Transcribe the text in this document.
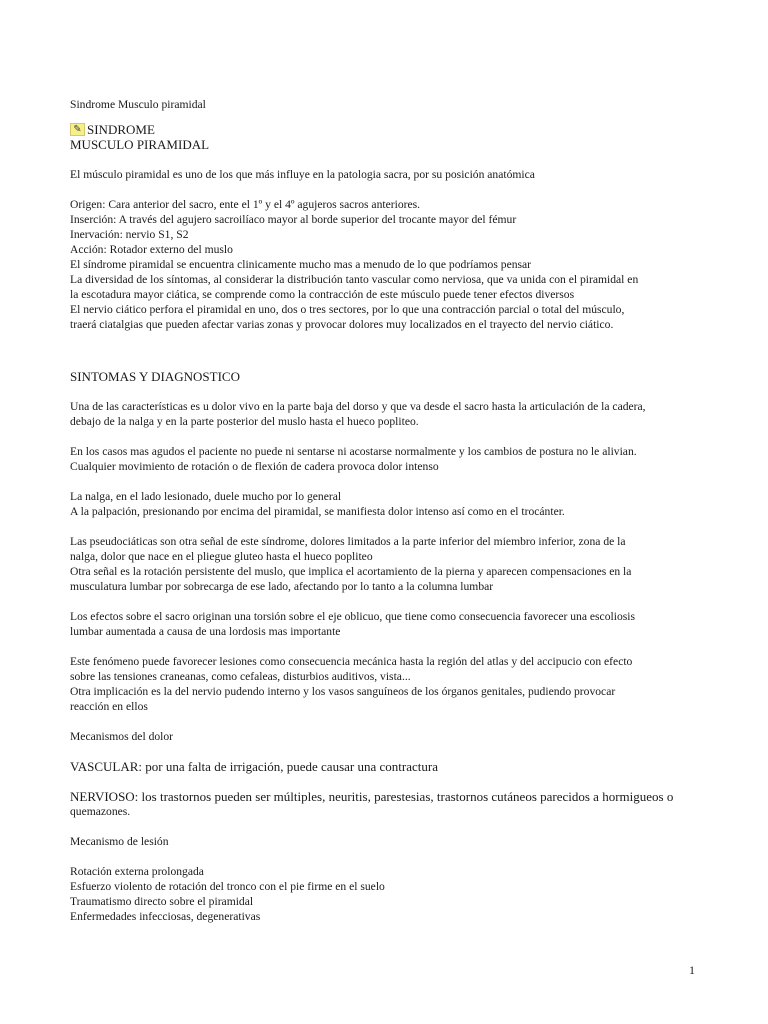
Sindrome Musculo piramidal
✎ SINDROME
MUSCULO PIRAMIDAL
El músculo piramidal es uno de los que más influye en la patologia sacra, por su posición anatómica
Origen: Cara anterior del sacro, ente el 1º y el 4º agujeros sacros anteriores.
Inserción: A través del agujero sacroilíaco mayor al borde superior del trocante mayor del fémur
Inervación: nervio S1, S2
Acción: Rotador externo del muslo
El síndrome piramidal se encuentra clinicamente mucho mas a menudo de lo que podríamos pensar
La diversidad de los síntomas, al considerar la distribución tanto vascular como nerviosa, que va unida con el piramidal en
la escotadura mayor ciática, se comprende como la contracción de este músculo puede tener efectos diversos
El nervio ciático perfora el piramidal en uno, dos o tres sectores, por lo que una contracción parcial o total del músculo,
traerá ciatalgias que pueden afectar varias zonas y provocar dolores muy localizados en el trayecto del nervio ciático.
SINTOMAS Y DIAGNOSTICO
Una de las características es u dolor vivo en la parte baja del dorso y que va desde el sacro hasta la articulación de la cadera,
debajo de la nalga y en la parte posterior del muslo hasta el hueco popliteo.
En los casos mas agudos el paciente no puede ni sentarse ni acostarse normalmente y los cambios de postura no le alivian.
Cualquier movimiento de rotación o de flexión de cadera provoca dolor intenso
La nalga, en el lado lesionado, duele mucho por lo general
A la palpación, presionando por encima del piramidal, se manifiesta dolor intenso así como en el trocánter.
Las pseudociáticas son otra señal de este síndrome, dolores limitados a la parte inferior del miembro inferior, zona de la
nalga, dolor que nace en el pliegue gluteo hasta el hueco popliteo
Otra señal es la rotación persistente del muslo, que implica el acortamiento de la pierna y aparecen compensaciones en la
musculatura lumbar por sobrecarga de ese lado, afectando por lo tanto a la columna lumbar
Los efectos sobre el sacro originan una torsión sobre el eje oblicuo, que tiene como consecuencia favorecer una escoliosis
lumbar aumentada a causa de una lordosis mas importante
Este fenómeno puede favorecer lesiones como consecuencia mecánica hasta la región del atlas y del accipucio con efecto
sobre las tensiones craneanas, como cefaleas, disturbios auditivos, vista...
Otra implicación es la del nervio pudendo interno y los vasos sanguíneos de los órganos genitales, pudiendo provocar
reacción en ellos
Mecanismos del dolor
VASCULAR: por una falta de irrigación, puede causar una contractura
NERVIOSO: los trastornos pueden ser múltiples, neuritis, parestesias, trastornos cutáneos parecidos a hormigueos o
quemazones.
Mecanismo de lesión
Rotación externa prolongada
Esfuerzo violento de rotación del tronco con el pie firme en el suelo
Traumatismo directo sobre el piramidal
Enfermedades infecciosas, degenerativas
1
